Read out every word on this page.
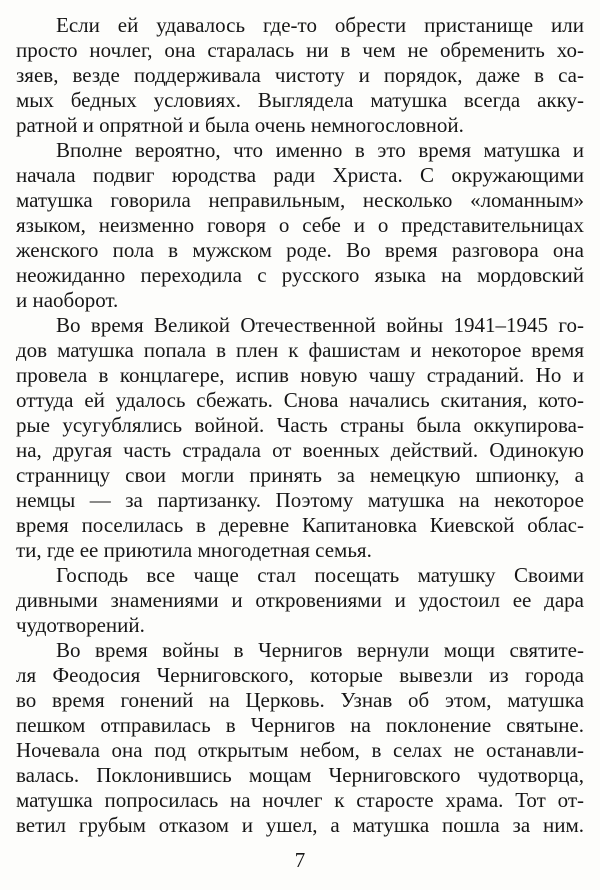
Если ей удавалось где-то обрести пристанище или
просто ночлег, она старалась ни в чем не обременить хо-
зяев, везде поддерживала чистоту и порядок, даже в са-
мых бедных условиях. Выглядела матушка всегда акку-
ратной и опрятной и была очень немногословной.
Вполне вероятно, что именно в это время матушка и
начала подвиг юродства ради Христа. С окружающими
матушка говорила неправильным, несколько «ломанным»
языком, неизменно говоря о себе и о представительницах
женского пола в мужском роде. Во время разговора она
неожиданно переходила с русского языка на мордовский
и наоборот.
Во время Великой Отечественной войны 1941–1945 го-
дов матушка попала в плен к фашистам и некоторое время
провела в концлагере, испив новую чашу страданий. Но и
оттуда ей удалось сбежать. Снова начались скитания, кото-
рые усугублялись войной. Часть страны была оккупирова-
на, другая часть страдала от военных действий. Одинокую
странницу свои могли принять за немецкую шпионку, а
немцы — за партизанку. Поэтому матушка на некоторое
время поселилась в деревне Капитановка Киевской облас-
ти, где ее приютила многодетная семья.
Господь все чаще стал посещать матушку Своими
дивными знамениями и откровениями и удостоил ее дара
чудотворений.
Во время войны в Чернигов вернули мощи святите-
ля Феодосия Черниговского, которые вывезли из города
во время гонений на Церковь. Узнав об этом, матушка
пешком отправилась в Чернигов на поклонение святыне.
Ночевала она под открытым небом, в селах не останавли-
валась. Поклонившись мощам Черниговского чудотворца,
матушка попросилась на ночлег к старосте храма. Тот от-
ветил грубым отказом и ушел, а матушка пошла за ним.
7
